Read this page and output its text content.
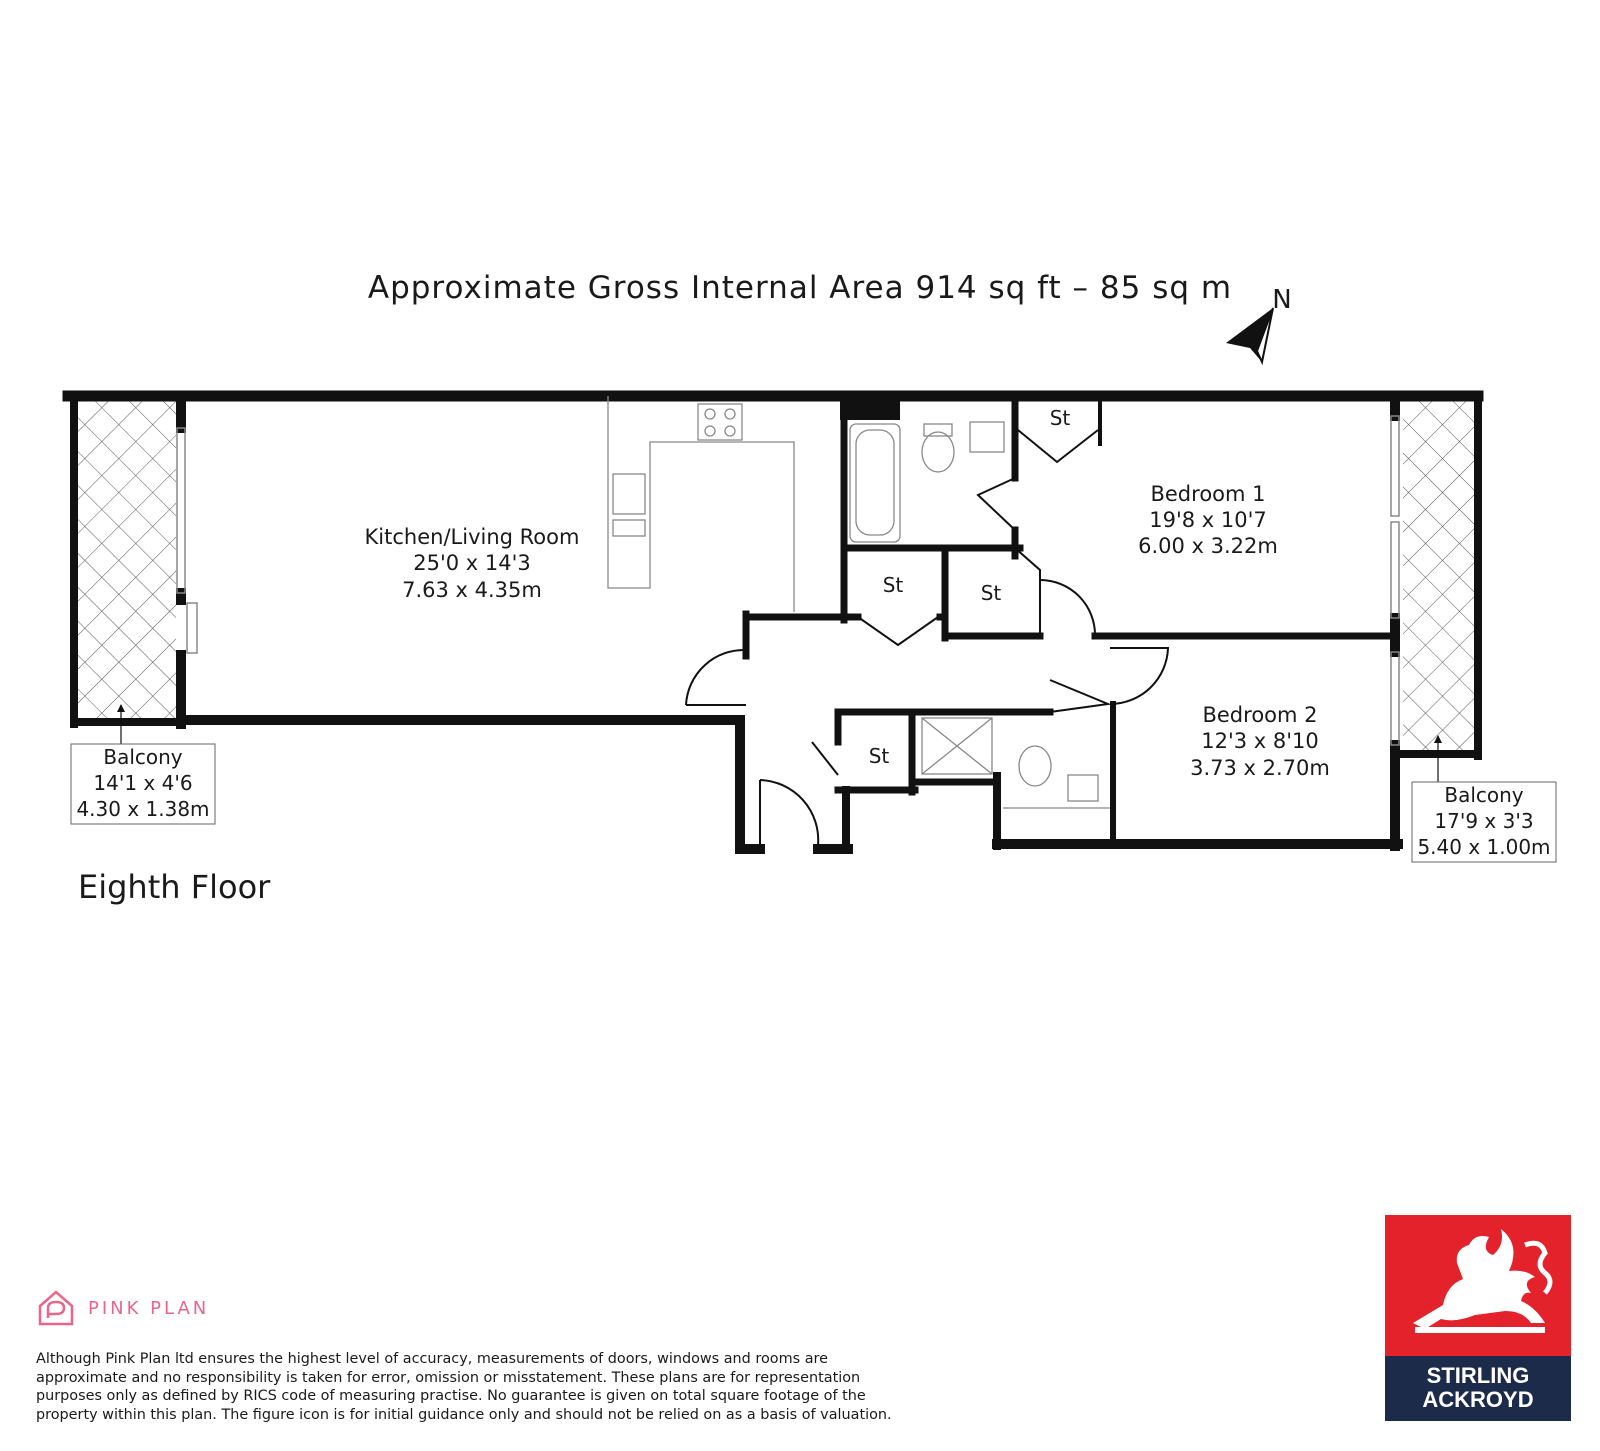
Approximate Gross Internal Area 914 sq ft – 85 sq m	N
Kitchen/Living Room
25'0 x 14'3
7.63 x 4.35m
Bedroom 1
19'8 x 10'7
6.00 x 3.22m
Bedroom 2
12'3 x 8'10
3.73 x 2.70m
St
St	St
St
Balcony
14'1 x 4'6
4.30 x 1.38m
Balcony
17'9 x 3'3
5.40 x 1.00m
Eighth Floor
PINK PLAN
Although Pink Plan ltd ensures the highest level of accuracy, measurements of doors, windows and rooms are approximate and no responsibility is taken for error, omission or misstatement. These plans are for representation purposes only as defined by RICS code of measuring practise. No guarantee is given on total square footage of the property within this plan. The figure icon is for initial guidance only and should not be relied on as a basis of valuation.
STIRLING
ACKROYD
